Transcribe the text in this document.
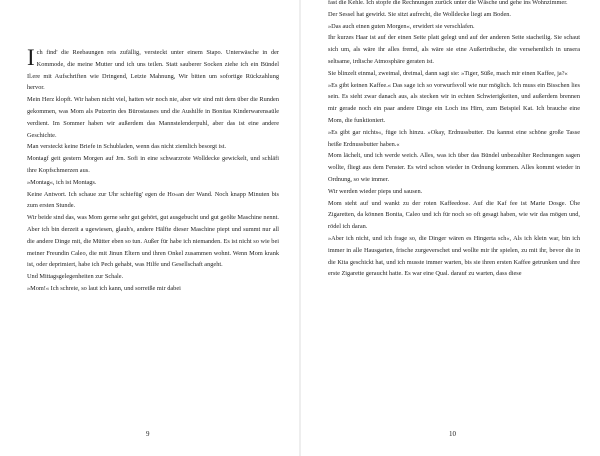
Ich find' die Reebaungen reis zufällig, versteckt unter einem Stapo. Unterwäsche in der Kommode, die meine Mutter und ich uns teilen. Statt sauberer Socken ziehe ich ein Bündel Il.ere mit Aufschriften wie Dringend, Letzte Mahnung, Wir bitten um sofortige Rückzahlung hervor.

Mein Herz klopft. Wir haben nicht viel, hatten wir noch nie, aber wir sind mit dem über die Runden gekommen, was Mom als Putzerin des Bürostauses und die Aushilfe in Bonitas Kinderwarensaüle verdient. Im Sommer haben wir außerdem das Mannstelenderpuhl, aber das ist eine andere Geschichte.

Man versteckt keine Briefe in Schubladen, wenn das nicht ziemlich besorgt ist.

Montagf geit gestern Morgen auf Jrn. Sofi in eine schwarzrote Wolldecke gewickelt, und schläfi ihre Kopfschmerzen aus.

»Montag«, ich ist Montags.

Keine Antwort. Ich schaue zur Uhr schiefüg' egen de Ho«an der Wand. Noch knapp Minuten bis zum ersten Stunde.

Wir beide sind das, was Mom gerne sehr gut gehört, gut ausgebucht und gut geölte Maschine nennt. Aber ich bin derzeit a ugewiesen, glauh's, andere Hälfte dieser Maschine piept und summt nur all die andere Dinge mit, die Mütter eben so tun. Außer für habe ich niemanden. Es ist nicht so wie bei meiner Freundin Caleo, die mit Jinun Eltern und ihren Onkel zusammen wohnt. Wenn Mom krank ist, oder deprimiert, habe ich Pech gehabt, was Hilfe und Gesellschaft angeht.

Und Mittagsgelegenheiten zur Schale.

»Mom!« Ich schreie, so laut ich kann, und sorreiße mir dabei

9

fast die Kehle. Ich stopfe die Rechnungen zurück unter die Wäsche und gehe ins Wohnzimmer.

Der Sessel hat gewirkt. Sie sitzt aufrecht, die Wolldecke liegt am Boden.

»Das auch einen guten Morgen«, erwidert sie verschlafen.

Ihr kurzes Haar ist auf der einen Seite platt gelegt und auf der anderen Seite stacheilig. Sie schaut sich um, als wäre ihr alles fremd, als wäre sie eine Außerirdische, die versehentlich in unsera seltsame, irdische Atmosphäre geraten ist.

Sie blinzelt einmal, zweimal, dreimal, dann sagt sie: »Tiger, Süße, mach mir einen Kaffee, ja?«

»Es gibt keinen Kaffee.« Das sage ich so vorwurfsvoll wie nur möglich. Ich muss ein Bisschen lies sein. Es sieht zwar danach aus, als stecken wir in echten Schwierigkeiten, und außerdem brennen mir gerade noch ein paar andere Dinge ein Loch ins Hirn, zum Beispiel Kat. Ich brauche eine Mom, die funktioniert.

»Es gibt gar nichts«, füge ich hinzu. »Okay, Erdnussbutter. Du kannst eine schöne große Tasse heiße Erdnussbutter haben.«

Mom lächelt, und ich werde weich. Alles, was ich über das Bündel unbezahlter Rechnungen sagen wollte, fliegt aus dem Fenster. Es wird schon wieder in Ordnung kommen. Alles kommt wieder in Ordnung, so wie immer.

Wir werden wieder pieps und sausen.

Mom steht auf und wankt zu der roten Kaffeedose. Auf die Kaf fee ist Marie Dosge. Ühe Zigaretten, da können Bonita, Caleo und ich für noch so oft gesagt haben, wie wir das mögen und, rödel ich daran.

»Aber ich nicht, und ich frage so, die Dinger wären es Hingerta sch«, Als ich klein war, bin ich immer in alle Hausgarten, frische zurgeverschet und wollte mir ihr spielen, zu mit ihr, bevor die in die Kita geschickt hat, und ich musste immer warten, bis sie ihren ersten Kaffee getrunken und ihre erste Zigarette geraucht hatte. Es war eine Qual. darauf zu warten, dass diese

10
